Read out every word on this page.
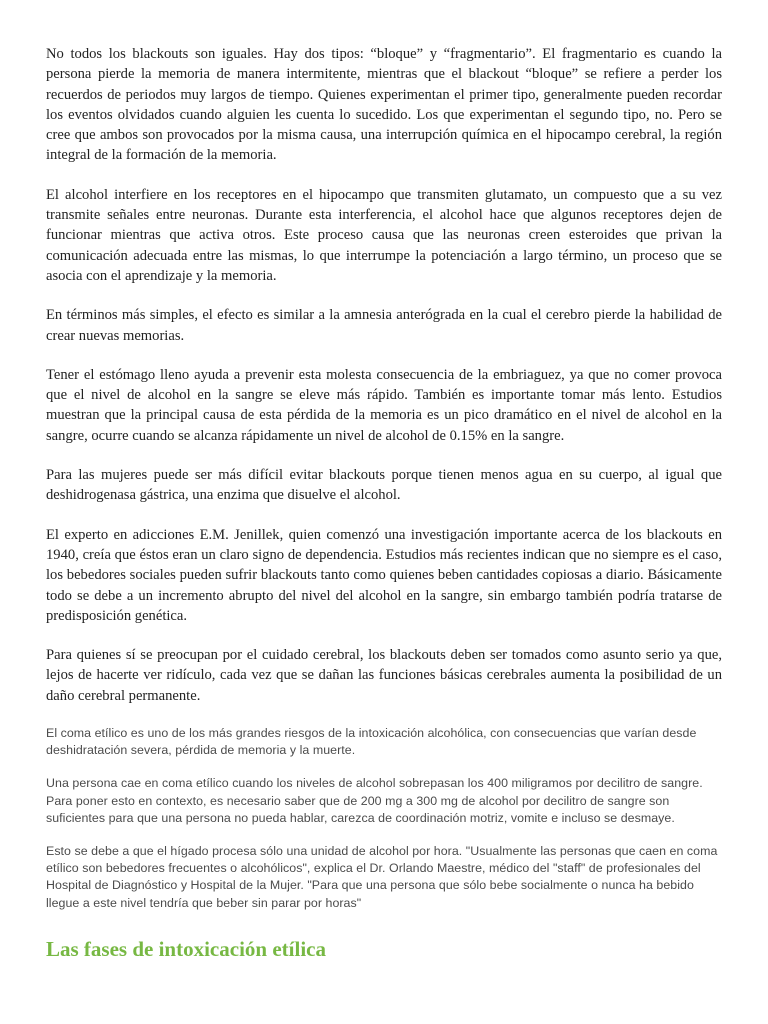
No todos los blackouts son iguales. Hay dos tipos: “bloque” y “fragmentario”. El fragmentario es cuando la persona pierde la memoria de manera intermitente, mientras que el blackout “bloque” se refiere a perder los recuerdos de periodos muy largos de tiempo. Quienes experimentan el primer tipo, generalmente pueden recordar los eventos olvidados cuando alguien les cuenta lo sucedido. Los que experimentan el segundo tipo, no. Pero se cree que ambos son provocados por la misma causa, una interrupción química en el hipocampo cerebral, la región integral de la formación de la memoria.

El alcohol interfiere en los receptores en el hipocampo que transmiten glutamato, un compuesto que a su vez transmite señales entre neuronas. Durante esta interferencia, el alcohol hace que algunos receptores dejen de funcionar mientras que activa otros. Este proceso causa que las neuronas creen esteroides que privan la comunicación adecuada entre las mismas, lo que interrumpe la potenciación a largo término, un proceso que se asocia con el aprendizaje y la memoria.

En términos más simples, el efecto es similar a la amnesia anterógrada en la cual el cerebro pierde la habilidad de crear nuevas memorias.

Tener el estómago lleno ayuda a prevenir esta molesta consecuencia de la embriaguez, ya que no comer provoca que el nivel de alcohol en la sangre se eleve más rápido. También es importante tomar más lento. Estudios muestran que la principal causa de esta pérdida de la memoria es un pico dramático en el nivel de alcohol en la sangre, ocurre cuando se alcanza rápidamente un nivel de alcohol de 0.15% en la sangre.

Para las mujeres puede ser más difícil evitar blackouts porque tienen menos agua en su cuerpo, al igual que deshidrogenasa gástrica, una enzima que disuelve el alcohol.

El experto en adicciones E.M. Jenillek, quien comenzó una investigación importante acerca de los blackouts en 1940, creía que éstos eran un claro signo de dependencia. Estudios más recientes indican que no siempre es el caso, los bebedores sociales pueden sufrir blackouts tanto como quienes beben cantidades copiosas a diario. Básicamente todo se debe a un incremento abrupto del nivel del alcohol en la sangre, sin embargo también podría tratarse de predisposición genética.

Para quienes sí se preocupan por el cuidado cerebral, los blackouts deben ser tomados como asunto serio ya que, lejos de hacerte ver ridículo, cada vez que se dañan las funciones básicas cerebrales aumenta la posibilidad de un daño cerebral permanente.

El coma etílico es uno de los más grandes riesgos de la intoxicación alcohólica, con consecuencias que varían desde deshidratación severa, pérdida de memoria y la muerte.

Una persona cae en coma etílico cuando los niveles de alcohol sobrepasan los 400 miligramos por decilitro de sangre. Para poner esto en contexto, es necesario saber que de 200 mg a 300 mg de alcohol por decilitro de sangre son suficientes para que una persona no pueda hablar, carezca de coordinación motriz, vomite e incluso se desmaye.

Esto se debe a que el hígado procesa sólo una unidad de alcohol por hora. "Usualmente las personas que caen en coma etílico son bebedores frecuentes o alcohólicos", explica el Dr. Orlando Maestre, médico del "staff" de profesionales del Hospital de Diagnóstico y Hospital de la Mujer. "Para que una persona que sólo bebe socialmente o nunca ha bebido llegue a este nivel tendría que beber sin parar por horas"

Las fases de intoxicación etílica
